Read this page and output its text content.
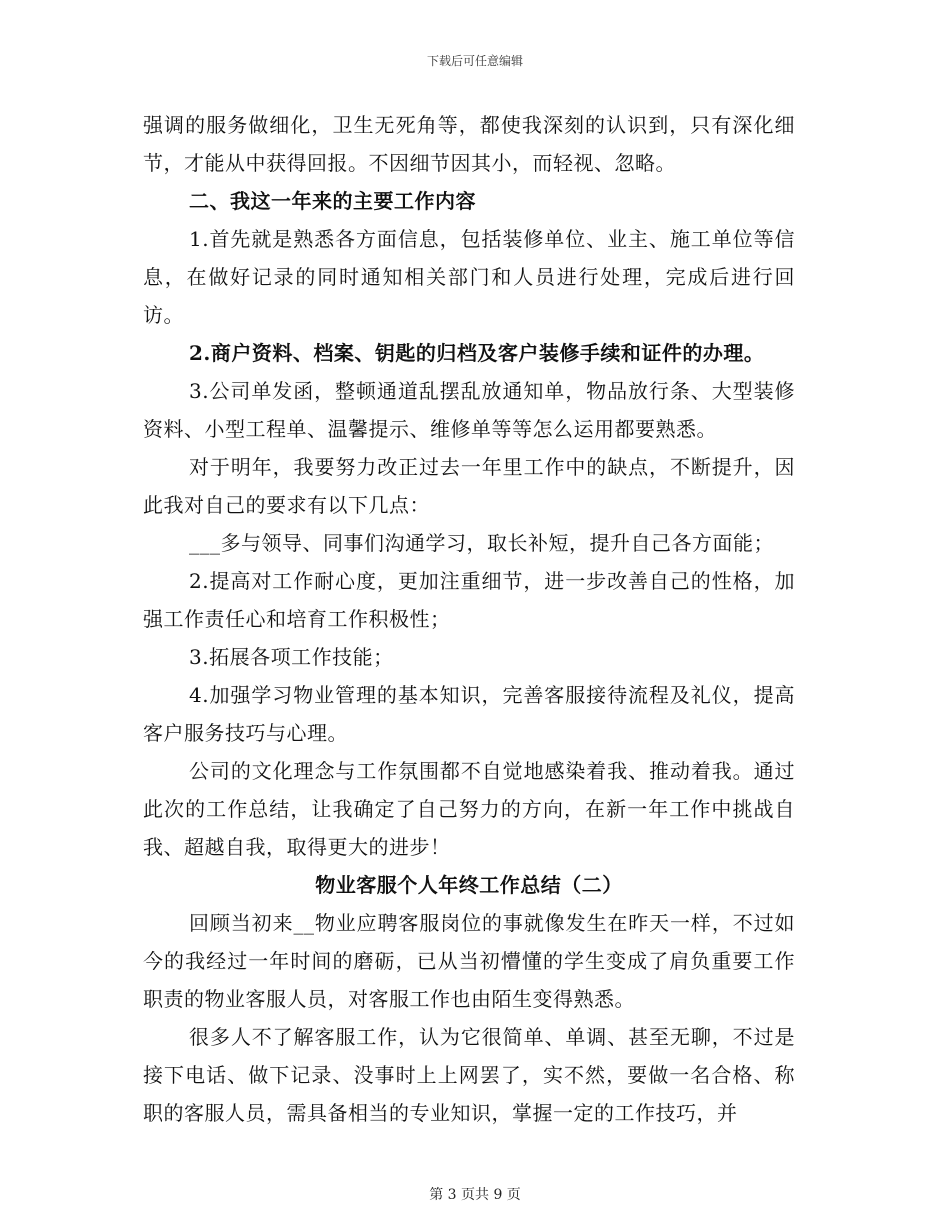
下载后可任意编辑

强调的服务做细化，卫生无死角等，都使我深刻的认识到，只有深化细节，才能从中获得回报。不因细节因其小，而轻视、忽略。

二、我这一年来的主要工作内容

1.首先就是熟悉各方面信息，包括装修单位、业主、施工单位等信息，在做好记录的同时通知相关部门和人员进行处理，完成后进行回访。

2.商户资料、档案、钥匙的归档及客户装修手续和证件的办理。

3.公司单发函，整顿通道乱摆乱放通知单，物品放行条、大型装修资料、小型工程单、温馨提示、维修单等等怎么运用都要熟悉。

对于明年，我要努力改正过去一年里工作中的缺点，不断提升，因此我对自己的要求有以下几点：

___多与领导、同事们沟通学习，取长补短，提升自己各方面能；

2.提高对工作耐心度，更加注重细节，进一步改善自己的性格，加强工作责任心和培育工作积极性；

3.拓展各项工作技能；

4.加强学习物业管理的基本知识，完善客服接待流程及礼仪，提高客户服务技巧与心理。

公司的文化理念与工作氛围都不自觉地感染着我、推动着我。通过此次的工作总结，让我确定了自己努力的方向，在新一年工作中挑战自我、超越自我，取得更大的进步！

物业客服个人年终工作总结（二）

回顾当初来__物业应聘客服岗位的事就像发生在昨天一样，不过如今的我经过一年时间的磨砺，已从当初懵懂的学生变成了肩负重要工作职责的物业客服人员，对客服工作也由陌生变得熟悉。

很多人不了解客服工作，认为它很简单、单调、甚至无聊，不过是接下电话、做下记录、没事时上上网罢了，实不然，要做一名合格、称职的客服人员，需具备相当的专业知识，掌握一定的工作技巧，并

第 3 页共 9 页
